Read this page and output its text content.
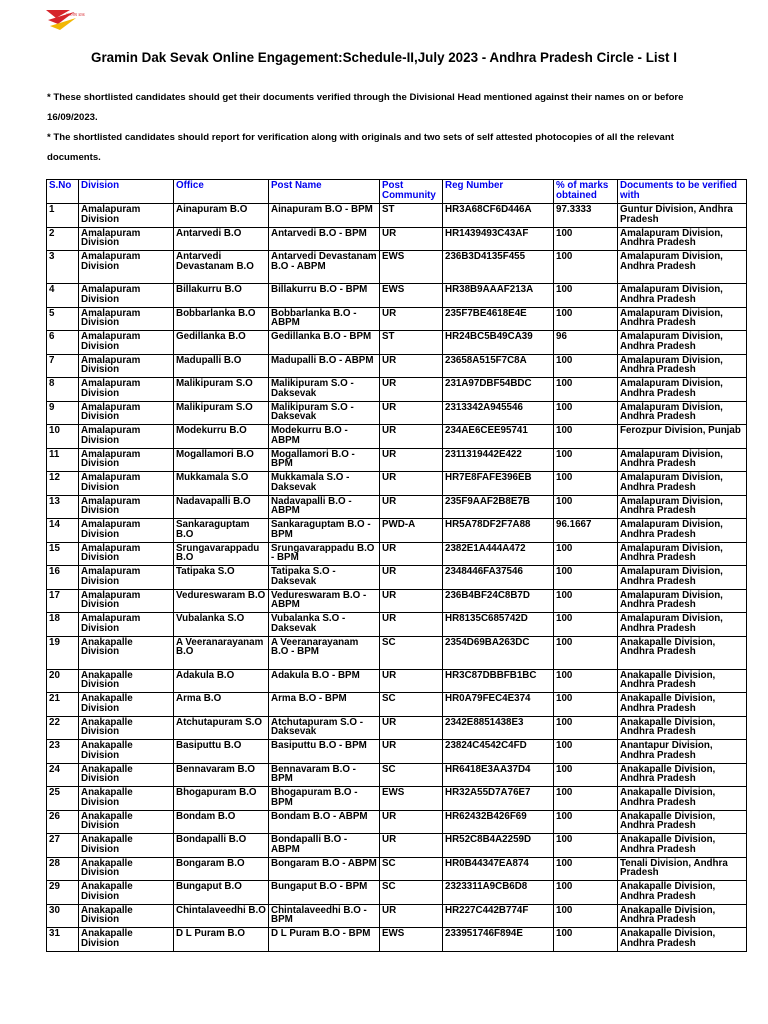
भारतीय डाक
Gramin Dak Sevak Online Engagement:Schedule-II,July 2023 - Andhra Pradesh Circle - List I

* These shortlisted candidates should get their documents verified through the Divisional Head mentioned against their names on or before 16/09/2023.

* The shortlisted candidates should report for verification along with originals and two sets of self attested photocopies of all the relevant documents.

S.No	Division	Office	Post Name	Post Community	Reg Number	% of marks obtained	Documents to be verified with
1	Amalapuram Division	Ainapuram B.O	Ainapuram B.O - BPM	ST	HR3A68CF6D446A	97.3333	Guntur Division, Andhra Pradesh
2	Amalapuram Division	Antarvedi B.O	Antarvedi B.O - BPM	UR	HR1439493C43AF	100	Amalapuram Division, Andhra Pradesh
3	Amalapuram Division	Antarvedi Devastanam B.O	Antarvedi Devastanam B.O - ABPM	EWS	236B3D4135F455	100	Amalapuram Division, Andhra Pradesh
4	Amalapuram Division	Billakurru B.O	Billakurru B.O - BPM	EWS	HR38B9AAAF213A	100	Amalapuram Division, Andhra Pradesh
5	Amalapuram Division	Bobbarlanka B.O	Bobbarlanka B.O - ABPM	UR	235F7BE4618E4E	100	Amalapuram Division, Andhra Pradesh
6	Amalapuram Division	Gedillanka B.O	Gedillanka B.O - BPM	ST	HR24BC5B49CA39	96	Amalapuram Division, Andhra Pradesh
7	Amalapuram Division	Madupalli B.O	Madupalli B.O - ABPM	UR	23658A515F7C8A	100	Amalapuram Division, Andhra Pradesh
8	Amalapuram Division	Malikipuram S.O	Malikipuram S.O - Daksevak	UR	231A97DBF54BDC	100	Amalapuram Division, Andhra Pradesh
9	Amalapuram Division	Malikipuram S.O	Malikipuram S.O - Daksevak	UR	2313342A945546	100	Amalapuram Division, Andhra Pradesh
10	Amalapuram Division	Modekurru B.O	Modekurru B.O - ABPM	UR	234AE6CEE95741	100	Ferozpur Division, Punjab
11	Amalapuram Division	Mogallamori B.O	Mogallamori B.O - BPM	UR	2311319442E422	100	Amalapuram Division, Andhra Pradesh
12	Amalapuram Division	Mukkamala S.O	Mukkamala S.O - Daksevak	UR	HR7E8FAFE396EB	100	Amalapuram Division, Andhra Pradesh
13	Amalapuram Division	Nadavapalli B.O	Nadavapalli B.O - ABPM	UR	235F9AAF2B8E7B	100	Amalapuram Division, Andhra Pradesh
14	Amalapuram Division	Sankaraguptam B.O	Sankaraguptam B.O - BPM	PWD-A	HR5A78DF2F7A88	96.1667	Amalapuram Division, Andhra Pradesh
15	Amalapuram Division	Srungavarappadu B.O	Srungavarappadu B.O - BPM	UR	2382E1A444A472	100	Amalapuram Division, Andhra Pradesh
16	Amalapuram Division	Tatipaka S.O	Tatipaka S.O - Daksevak	UR	2348446FA37546	100	Amalapuram Division, Andhra Pradesh
17	Amalapuram Division	Vedureswaram B.O	Vedureswaram B.O - ABPM	UR	236B4BF24C8B7D	100	Amalapuram Division, Andhra Pradesh
18	Amalapuram Division	Vubalanka S.O	Vubalanka S.O - Daksevak	UR	HR8135C685742D	100	Amalapuram Division, Andhra Pradesh
19	Anakapalle Division	A Veeranarayanam B.O	A Veeranarayanam B.O - BPM	SC	2354D69BA263DC	100	Anakapalle Division, Andhra Pradesh
20	Anakapalle Division	Adakula B.O	Adakula B.O - BPM	UR	HR3C87DBBFB1BC	100	Anakapalle Division, Andhra Pradesh
21	Anakapalle Division	Arma B.O	Arma B.O - BPM	SC	HR0A79FEC4E374	100	Anakapalle Division, Andhra Pradesh
22	Anakapalle Division	Atchutapuram S.O	Atchutapuram S.O - Daksevak	UR	2342E8851438E3	100	Anakapalle Division, Andhra Pradesh
23	Anakapalle Division	Basiputtu B.O	Basiputtu B.O - BPM	UR	23824C4542C4FD	100	Anantapur Division, Andhra Pradesh
24	Anakapalle Division	Bennavaram B.O	Bennavaram B.O - BPM	SC	HR6418E3AA37D4	100	Anakapalle Division, Andhra Pradesh
25	Anakapalle Division	Bhogapuram B.O	Bhogapuram B.O - BPM	EWS	HR32A55D7A76E7	100	Anakapalle Division, Andhra Pradesh
26	Anakapalle Division	Bondam B.O	Bondam B.O - ABPM	UR	HR62432B426F69	100	Anakapalle Division, Andhra Pradesh
27	Anakapalle Division	Bondapalli B.O	Bondapalli B.O - ABPM	UR	HR52C8B4A2259D	100	Anakapalle Division, Andhra Pradesh
28	Anakapalle Division	Bongaram B.O	Bongaram B.O - ABPM	SC	HR0B44347EA874	100	Tenali Division, Andhra Pradesh
29	Anakapalle Division	Bungaput B.O	Bungaput B.O - BPM	SC	2323311A9CB6D8	100	Anakapalle Division, Andhra Pradesh
30	Anakapalle Division	Chintalaveedhi B.O	Chintalaveedhi B.O - BPM	UR	HR227C442B774F	100	Anakapalle Division, Andhra Pradesh
31	Anakapalle Division	D L Puram B.O	D L Puram B.O - BPM	EWS	233951746F894E	100	Anakapalle Division, Andhra Pradesh
